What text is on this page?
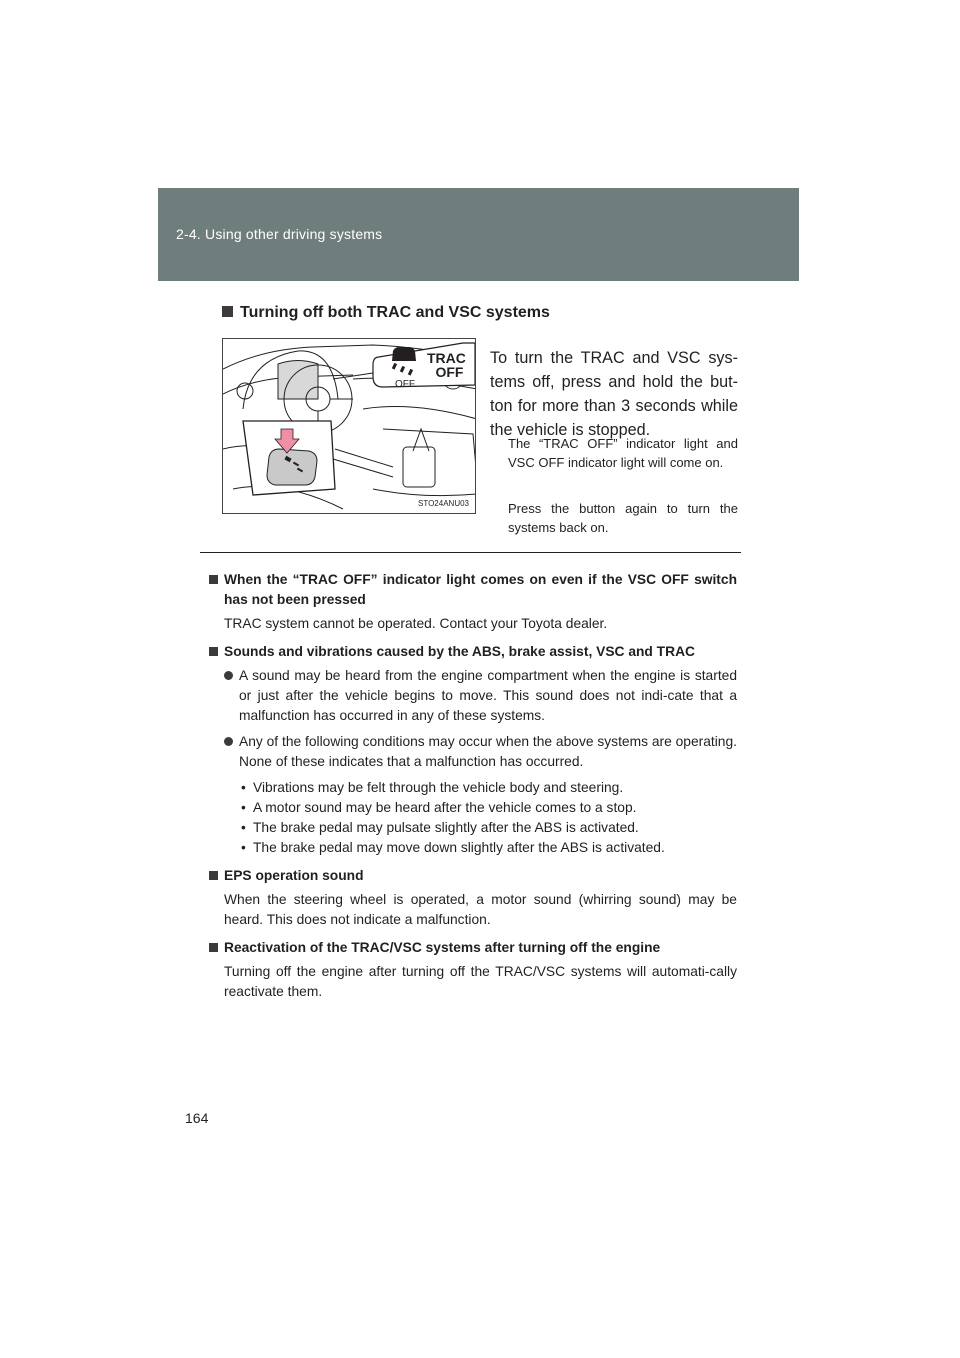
2-4. Using other driving systems
Turning off both TRAC and VSC systems
OFF
TRAC
OFF
STO24ANU03
To turn the TRAC and VSC sys-tems off, press and hold the but-ton for more than 3 seconds while the vehicle is stopped.
The “TRAC OFF” indicator light and VSC OFF indicator light will come on.
Press the button again to turn the systems back on.

When the “TRAC OFF” indicator light comes on even if the VSC OFF switch has not been pressed

TRAC system cannot be operated. Contact your Toyota dealer.

Sounds and vibrations caused by the ABS, brake assist, VSC and TRAC

A sound may be heard from the engine compartment when the engine is started or just after the vehicle begins to move. This sound does not indi-cate that a malfunction has occurred in any of these systems.

Any of the following conditions may occur when the above systems are operating. None of these indicates that a malfunction has occurred.

• Vibrations may be felt through the vehicle body and steering.
• A motor sound may be heard after the vehicle comes to a stop.
• The brake pedal may pulsate slightly after the ABS is activated.
• The brake pedal may move down slightly after the ABS is activated.

EPS operation sound

When the steering wheel is operated, a motor sound (whirring sound) may be heard. This does not indicate a malfunction.

Reactivation of the TRAC/VSC systems after turning off the engine

Turning off the engine after turning off the TRAC/VSC systems will automati-cally reactivate them.

164
